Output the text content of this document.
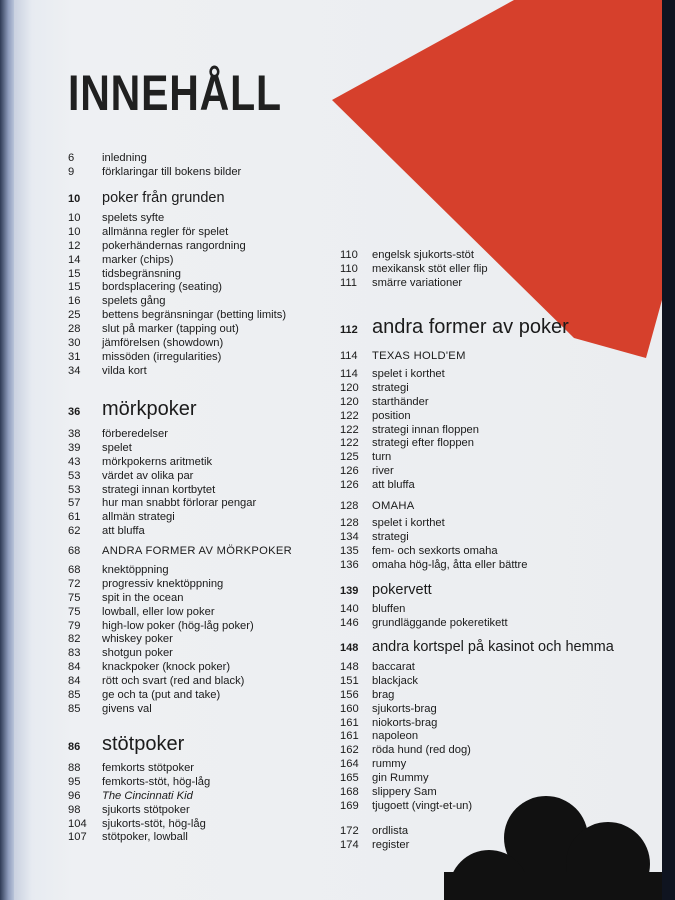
INNEHÅLL
6	inledning
9	förklaringar till bokens bilder
10	poker från grunden
10	spelets syfte
10	allmänna regler för spelet
12	pokerhändernas rangordning
14	marker (chips)
15	tidsbegränsning
15	bordsplacering (seating)
16	spelets gång
25	bettens begränsningar (betting limits)
28	slut på marker (tapping out)
30	jämförelsen (showdown)
31	missöden (irregularities)
34	vilda kort
36	mörkpoker
38	förberedelser
39	spelet
43	mörkpokerns aritmetik
53	värdet av olika par
53	strategi innan kortbytet
57	hur man snabbt förlorar pengar
61	allmän strategi
62	att bluffa
68	ANDRA FORMER AV MÖRKPOKER
68	knektöppning
72	progressiv knektöppning
75	spit in the ocean
75	lowball, eller low poker
79	high-low poker (hög-låg poker)
82	whiskey poker
83	shotgun poker
84	knackpoker (knock poker)
84	rött och svart (red and black)
85	ge och ta (put and take)
85	givens val
86	stötpoker
88	femkorts stötpoker
95	femkorts-stöt, hög-låg
96	The Cincinnati Kid
98	sjukorts stötpoker
104	sjukorts-stöt, hög-låg
107	stötpoker, lowball
110	engelsk sjukorts-stöt
110	mexikansk stöt eller flip
111	smärre variationer
112 andra former av poker
114	TEXAS HOLD'EM
114	spelet i korthet
120	strategi
120	starthänder
122	position
122	strategi innan floppen
122	strategi efter floppen
125	turn
126	river
126	att bluffa
128	OMAHA
128	spelet i korthet
134	strategi
135	fem- och sexkorts omaha
136	omaha hög-låg, åtta eller bättre
139 pokervett
140	bluffen
146	grundläggande pokeretikett
148 andra kortspel på kasinot och hemma
148	baccarat
151	blackjack
156	brag
160	sjukorts-brag
161	niokorts-brag
161	napoleon
162	röda hund (red dog)
164	rummy
165	gin Rummy
168	slippery Sam
169	tjugoett (vingt-et-un)
172	ordlista
174	register
